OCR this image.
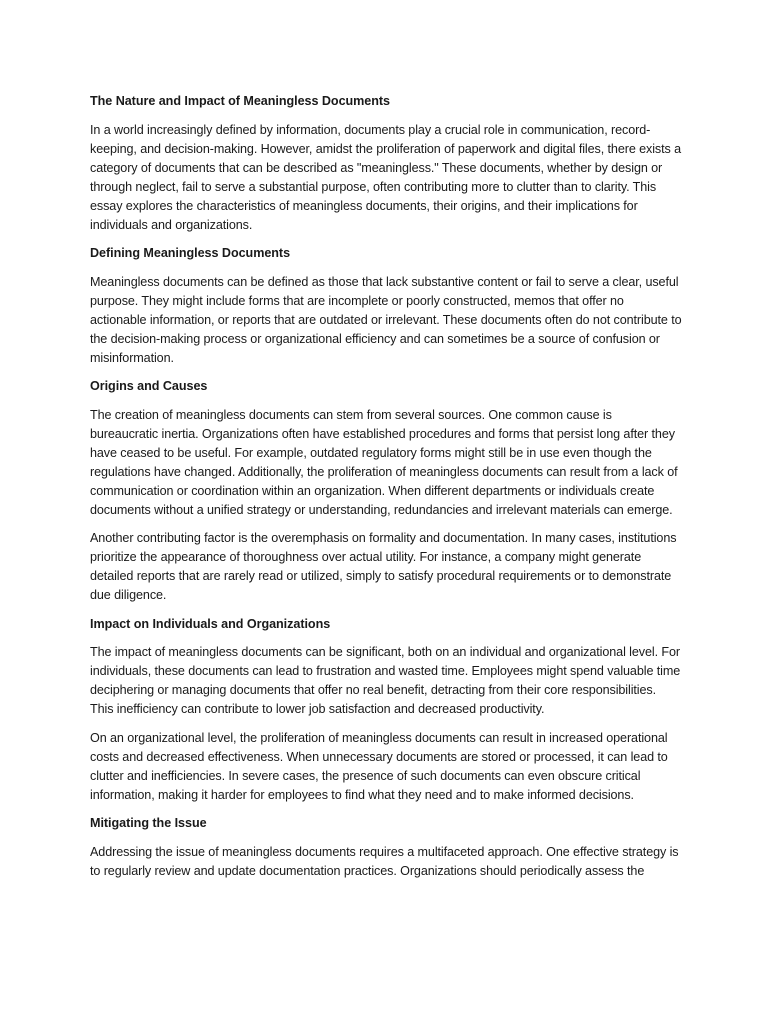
The Nature and Impact of Meaningless Documents
In a world increasingly defined by information, documents play a crucial role in communication, record-keeping, and decision-making. However, amidst the proliferation of paperwork and digital files, there exists a category of documents that can be described as "meaningless." These documents, whether by design or through neglect, fail to serve a substantial purpose, often contributing more to clutter than to clarity. This essay explores the characteristics of meaningless documents, their origins, and their implications for individuals and organizations.
Defining Meaningless Documents
Meaningless documents can be defined as those that lack substantive content or fail to serve a clear, useful purpose. They might include forms that are incomplete or poorly constructed, memos that offer no actionable information, or reports that are outdated or irrelevant. These documents often do not contribute to the decision-making process or organizational efficiency and can sometimes be a source of confusion or misinformation.
Origins and Causes
The creation of meaningless documents can stem from several sources. One common cause is bureaucratic inertia. Organizations often have established procedures and forms that persist long after they have ceased to be useful. For example, outdated regulatory forms might still be in use even though the regulations have changed. Additionally, the proliferation of meaningless documents can result from a lack of communication or coordination within an organization. When different departments or individuals create documents without a unified strategy or understanding, redundancies and irrelevant materials can emerge.
Another contributing factor is the overemphasis on formality and documentation. In many cases, institutions prioritize the appearance of thoroughness over actual utility. For instance, a company might generate detailed reports that are rarely read or utilized, simply to satisfy procedural requirements or to demonstrate due diligence.
Impact on Individuals and Organizations
The impact of meaningless documents can be significant, both on an individual and organizational level. For individuals, these documents can lead to frustration and wasted time. Employees might spend valuable time deciphering or managing documents that offer no real benefit, detracting from their core responsibilities. This inefficiency can contribute to lower job satisfaction and decreased productivity.
On an organizational level, the proliferation of meaningless documents can result in increased operational costs and decreased effectiveness. When unnecessary documents are stored or processed, it can lead to clutter and inefficiencies. In severe cases, the presence of such documents can even obscure critical information, making it harder for employees to find what they need and to make informed decisions.
Mitigating the Issue
Addressing the issue of meaningless documents requires a multifaceted approach. One effective strategy is to regularly review and update documentation practices. Organizations should periodically assess the
